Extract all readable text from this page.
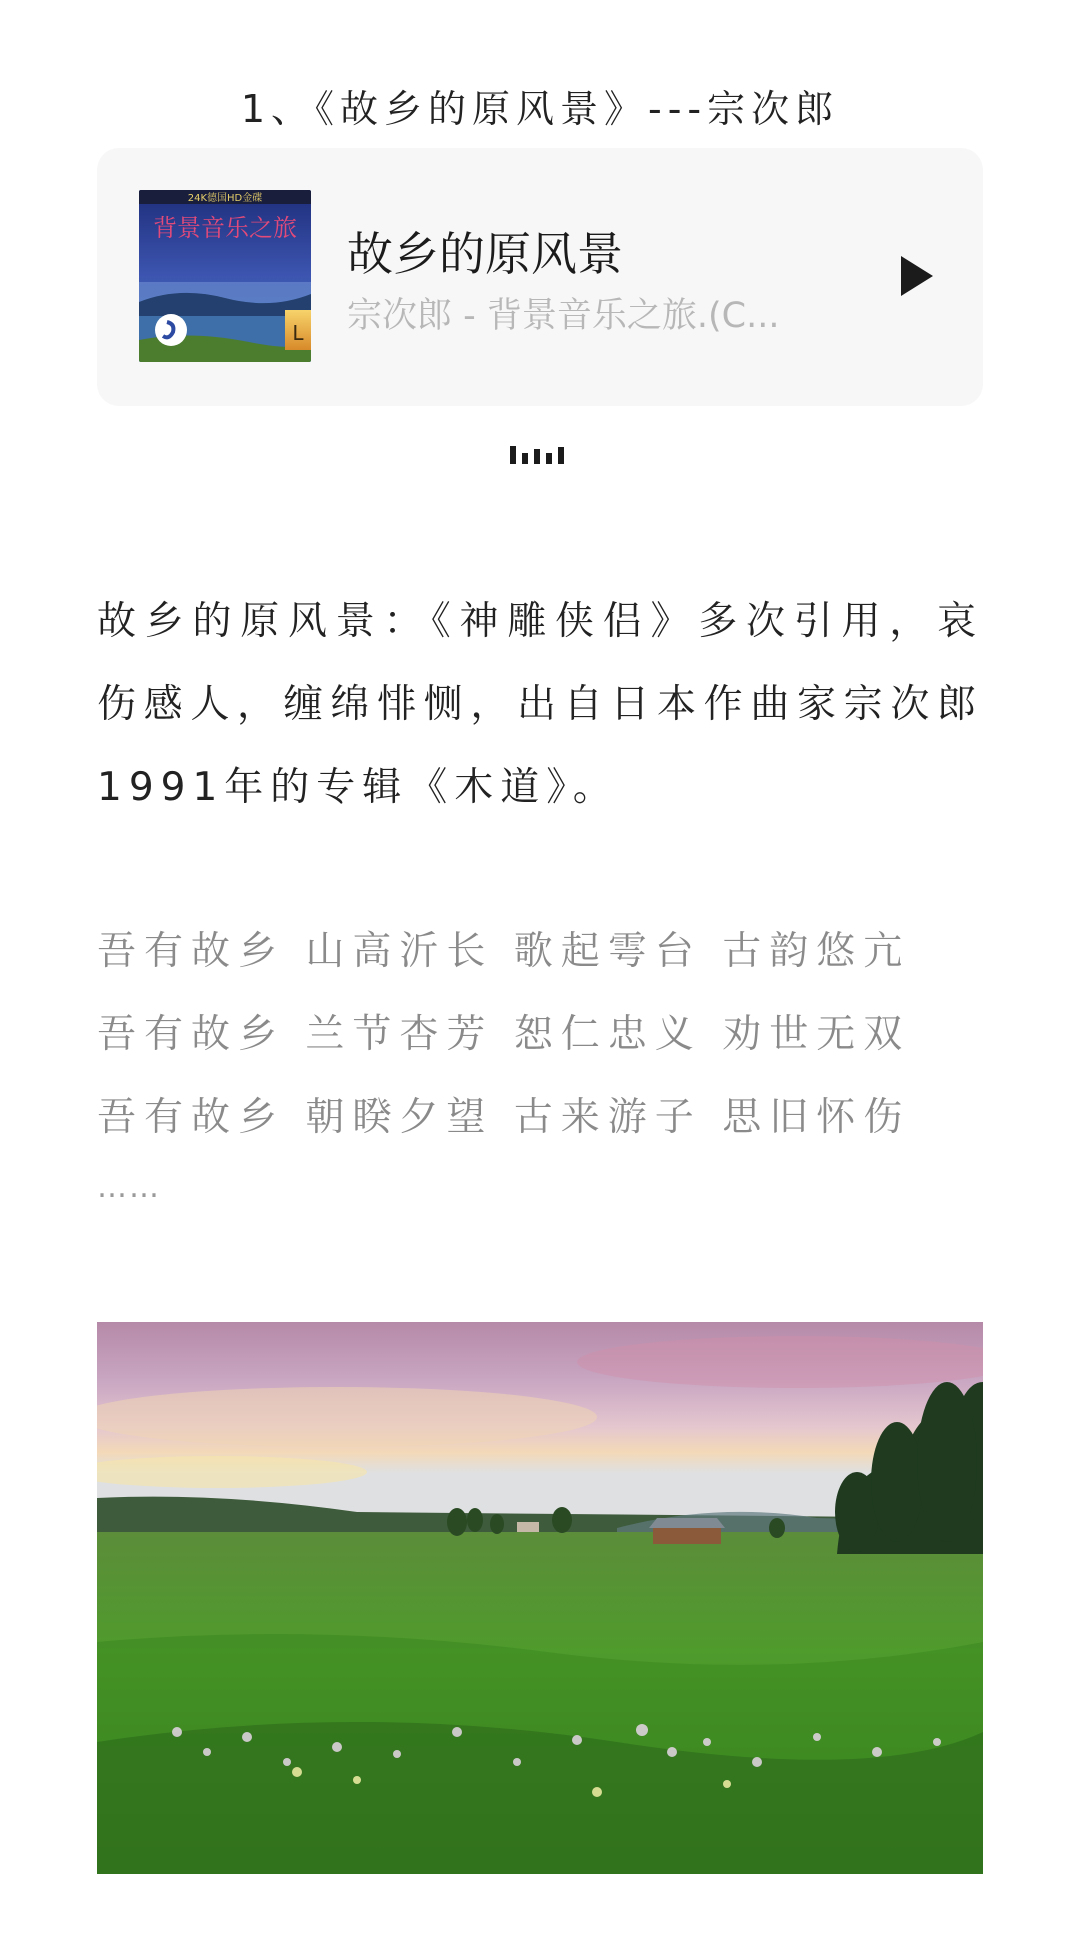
1、《故乡的原风景》---宗次郎
24K德国HD金碟
背景音乐之旅
L
故乡的原风景
宗次郎 - 背景音乐之旅.(C...

故乡的原风景：《神雕侠侣》多次引用，哀伤感人，缠绵悱恻，出自日本作曲家宗次郎1991年的专辑《木道》。

吾有故乡 山高沂长 歌起雩台 古韵悠亢
吾有故乡 兰节杏芳 恕仁忠义 劝世无双
吾有故乡 朝睽夕望 古来游子 思旧怀伤
……
